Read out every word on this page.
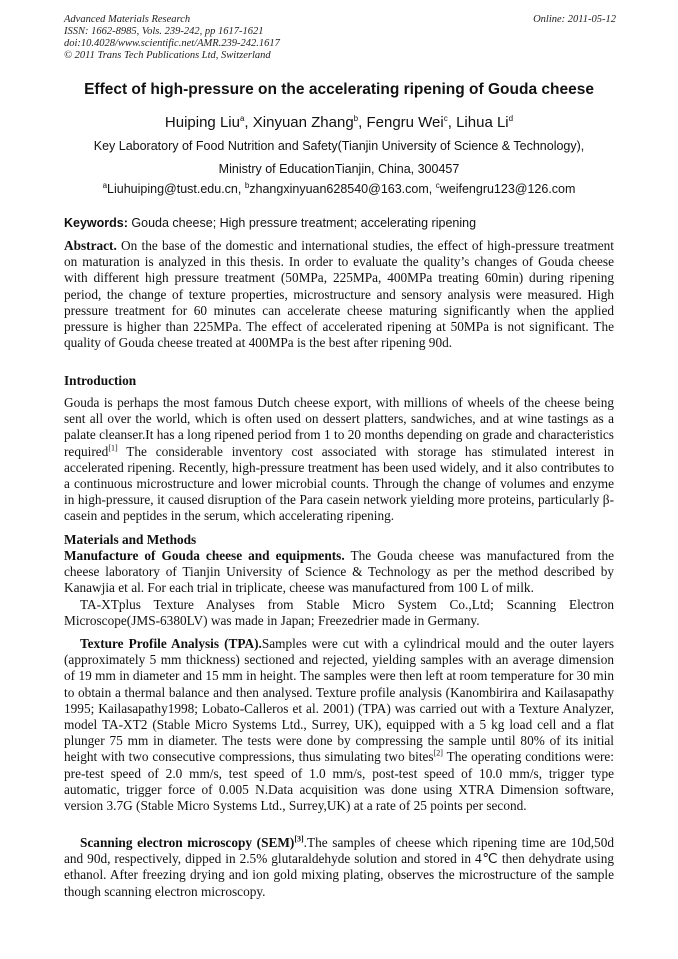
Advanced Materials Research
ISSN: 1662-8985, Vols. 239-242, pp 1617-1621
doi:10.4028/www.scientific.net/AMR.239-242.1617
© 2011 Trans Tech Publications Ltd, Switzerland
Online: 2011-05-12
Effect of high-pressure on the accelerating ripening of Gouda cheese
Huiping Liu$^a$, Xinyuan Zhang$^b$, Fengru Wei$^c$, Lihua Li$^d$
Key Laboratory of Food Nutrition and Safety(Tianjin University of Science & Technology),
Ministry of EducationTianjin, China, 300457
$^a$Liuhuiping@tust.edu.cn, $^b$zhangxinyuan628540@163.com, $^c$weifengru123@126.com
Keywords: Gouda cheese; High pressure treatment; accelerating ripening
Abstract. On the base of the domestic and international studies, the effect of high-pressure treatment on maturation is analyzed in this thesis. In order to evaluate the quality’s changes of Gouda cheese with different high pressure treatment (50MPa, 225MPa, 400MPa treating 60min) during ripening period, the change of texture properties, microstructure and sensory analysis were measured. High pressure treatment for 60 minutes can accelerate cheese maturing significantly when the applied pressure is higher than 225MPa. The effect of accelerated ripening at 50MPa is not significant. The quality of Gouda cheese treated at 400MPa is the best after ripening 90d.
Introduction
Gouda is perhaps the most famous Dutch cheese export, with millions of wheels of the cheese being sent all over the world, which is often used on dessert platters, sandwiches, and at wine tastings as a palate cleanser.It has a long ripened period from 1 to 20 months depending on grade and characteristics required[1] The considerable inventory cost associated with storage has stimulated interest in accelerated ripening. Recently, high-pressure treatment has been used widely, and it also contributes to a continuous microstructure and lower microbial counts. Through the change of volumes and enzyme in high-pressure, it caused disruption of the Para casein network yielding more proteins, particularly β-casein and peptides in the serum, which accelerating ripening.
Materials and Methods
Manufacture of Gouda cheese and equipments. The Gouda cheese was manufactured from the cheese laboratory of Tianjin University of Science & Technology as per the method described by Kanawjia et al. For each trial in triplicate, cheese was manufactured from 100 L of milk.
TA-XTplus Texture Analyses from Stable Micro System Co.,Ltd; Scanning Electron Microscope(JMS-6380LV) was made in Japan; Freezedrier made in Germany.
Texture Profile Analysis (TPA).Samples were cut with a cylindrical mould and the outer layers (approximately 5 mm thickness) sectioned and rejected, yielding samples with an average dimension of 19 mm in diameter and 15 mm in height. The samples were then left at room temperature for 30 min to obtain a thermal balance and then analysed. Texture profile analysis (Kanombirira and Kailasapathy 1995; Kailasapathy1998; Lobato-Calleros et al. 2001) (TPA) was carried out with a Texture Analyzer, model TA-XT2 (Stable Micro Systems Ltd., Surrey, UK), equipped with a 5 kg load cell and a flat plunger 75 mm in diameter. The tests were done by compressing the sample until 80% of its initial height with two consecutive compressions, thus simulating two bites[2] The operating conditions were: pre-test speed of 2.0 mm/s, test speed of 1.0 mm/s, post-test speed of 10.0 mm/s, trigger type automatic, trigger force of 0.005 N.Data acquisition was done using XTRA Dimension software, version 3.7G (Stable Micro Systems Ltd., Surrey,UK) at a rate of 25 points per second.
Scanning electron microscopy (SEM)[3].The samples of cheese which ripening time are 10d,50d and 90d, respectively, dipped in 2.5% glutaraldehyde solution and stored in 4℃ then dehydrate using ethanol. After freezing drying and ion gold mixing plating, observes the microstructure of the sample though scanning electron microscopy.
